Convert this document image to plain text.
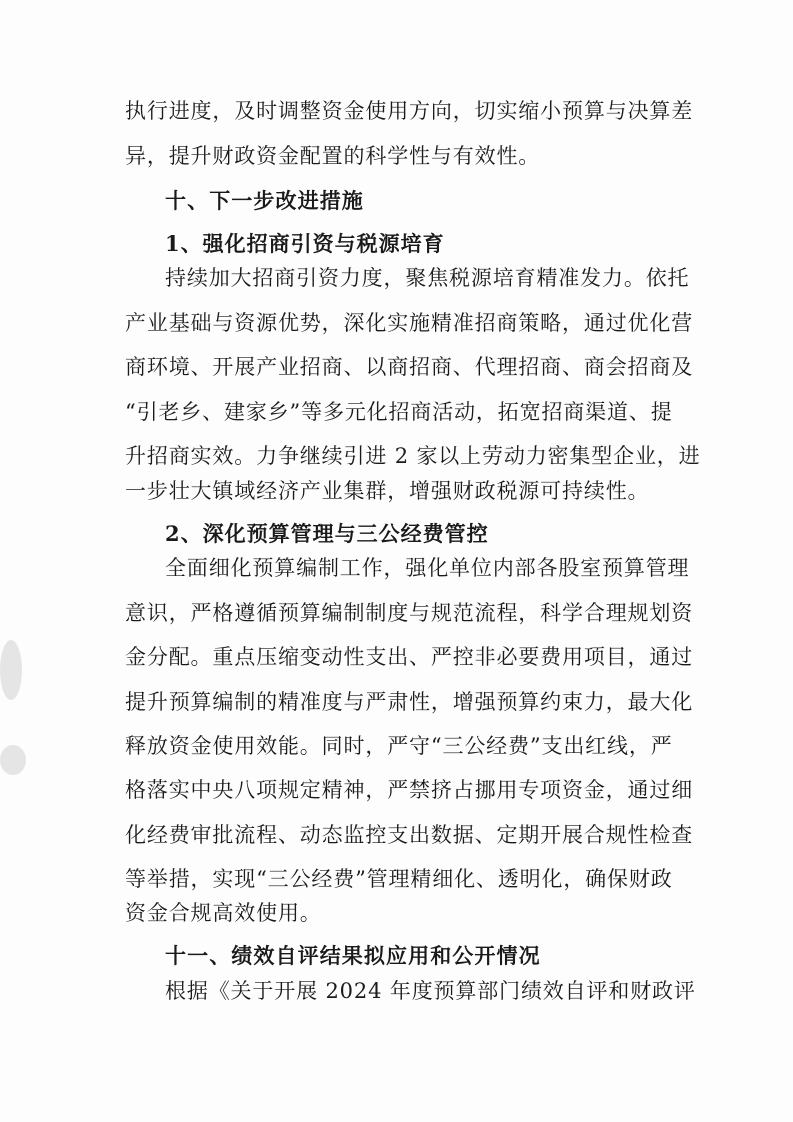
执行进度，及时调整资金使用方向，切实缩小预算与决算差
异，提升财政资金配置的科学性与有效性。
十、下一步改进措施
1、强化招商引资与税源培育
持续加大招商引资力度，聚焦税源培育精准发力。依托
产业基础与资源优势，深化实施精准招商策略，通过优化营
商环境、开展产业招商、以商招商、代理招商、商会招商及
“引老乡、建家乡”等多元化招商活动，拓宽招商渠道、提
升招商实效。力争继续引进 2 家以上劳动力密集型企业，进
一步壮大镇域经济产业集群，增强财政税源可持续性。
2、深化预算管理与三公经费管控
全面细化预算编制工作，强化单位内部各股室预算管理
意识，严格遵循预算编制制度与规范流程，科学合理规划资
金分配。重点压缩变动性支出、严控非必要费用项目，通过
提升预算编制的精准度与严肃性，增强预算约束力，最大化
释放资金使用效能。同时，严守“三公经费”支出红线，严
格落实中央八项规定精神，严禁挤占挪用专项资金，通过细
化经费审批流程、动态监控支出数据、定期开展合规性检查
等举措，实现“三公经费”管理精细化、透明化，确保财政
资金合规高效使用。
十一、绩效自评结果拟应用和公开情况
根据《关于开展 2024 年度预算部门绩效自评和财政评
